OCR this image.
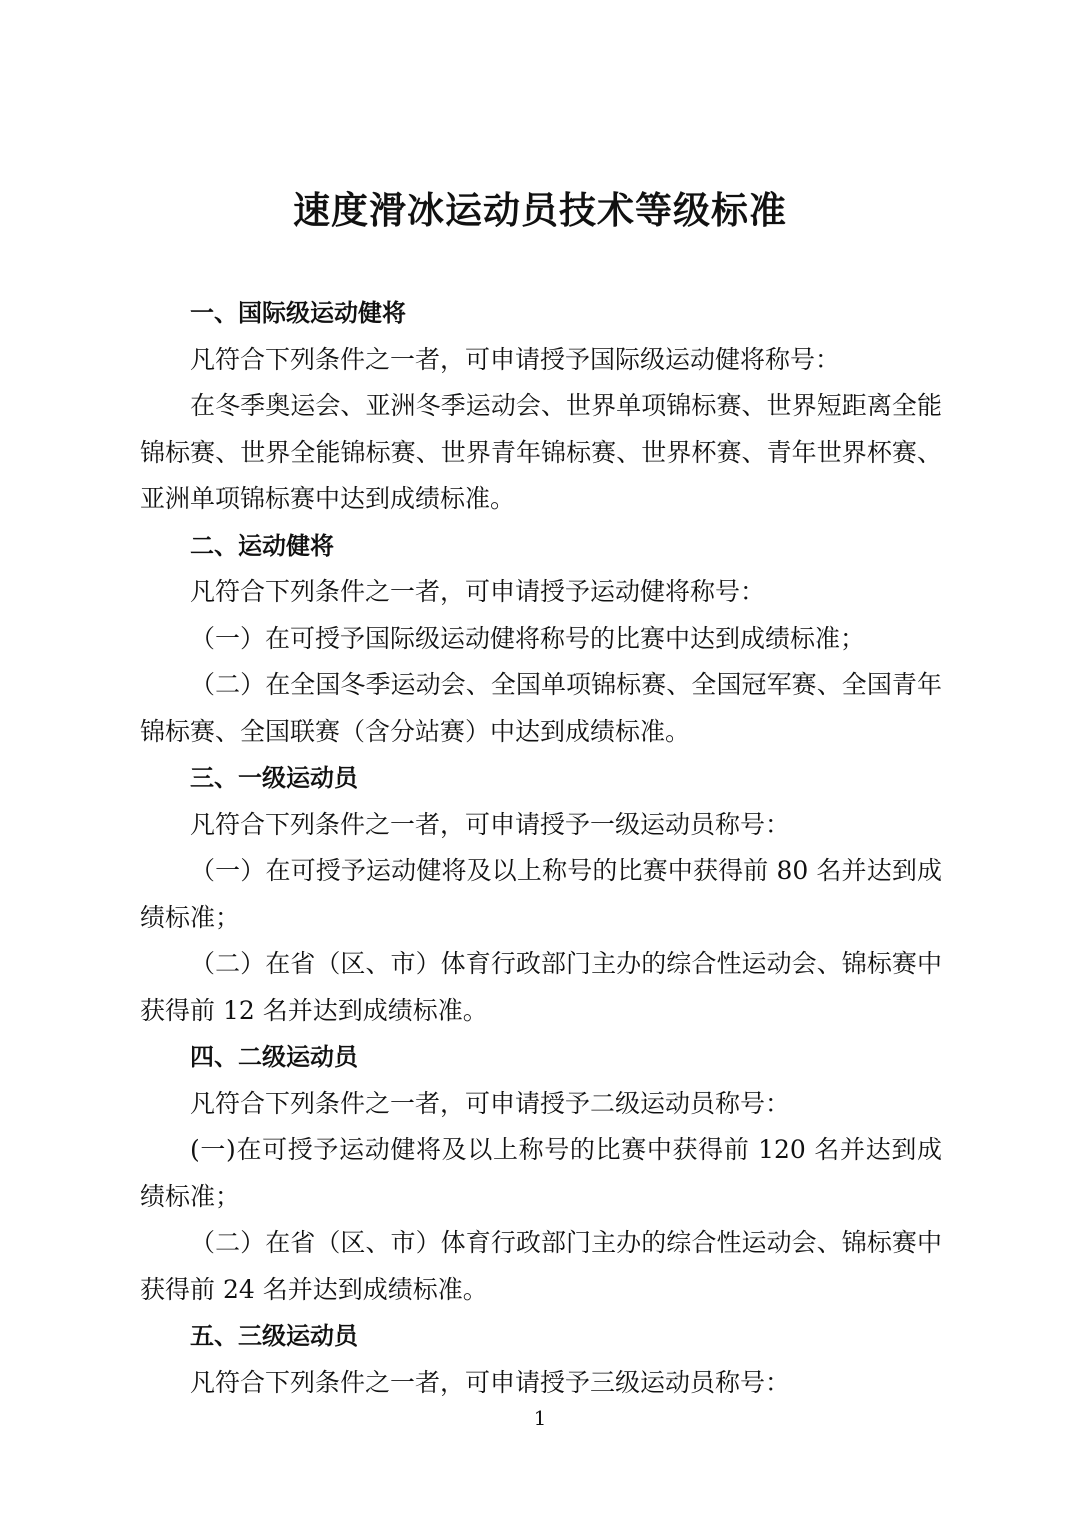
速度滑冰运动员技术等级标准
一、国际级运动健将

凡符合下列条件之一者，可申请授予国际级运动健将称号：

在冬季奥运会、亚洲冬季运动会、世界单项锦标赛、世界短距离全能锦标赛、世界全能锦标赛、世界青年锦标赛、世界杯赛、青年世界杯赛、亚洲单项锦标赛中达到成绩标准。

二、运动健将

凡符合下列条件之一者，可申请授予运动健将称号：

（一）在可授予国际级运动健将称号的比赛中达到成绩标准；

（二）在全国冬季运动会、全国单项锦标赛、全国冠军赛、全国青年锦标赛、全国联赛（含分站赛）中达到成绩标准。

三、一级运动员

凡符合下列条件之一者，可申请授予一级运动员称号：

（一）在可授予运动健将及以上称号的比赛中获得前 80 名并达到成绩标准；

（二）在省（区、市）体育行政部门主办的综合性运动会、锦标赛中获得前 12 名并达到成绩标准。

四、二级运动员

凡符合下列条件之一者，可申请授予二级运动员称号：

(一)在可授予运动健将及以上称号的比赛中获得前 120 名并达到成绩标准；

（二）在省（区、市）体育行政部门主办的综合性运动会、锦标赛中获得前 24 名并达到成绩标准。

五、三级运动员

凡符合下列条件之一者，可申请授予三级运动员称号：

1
